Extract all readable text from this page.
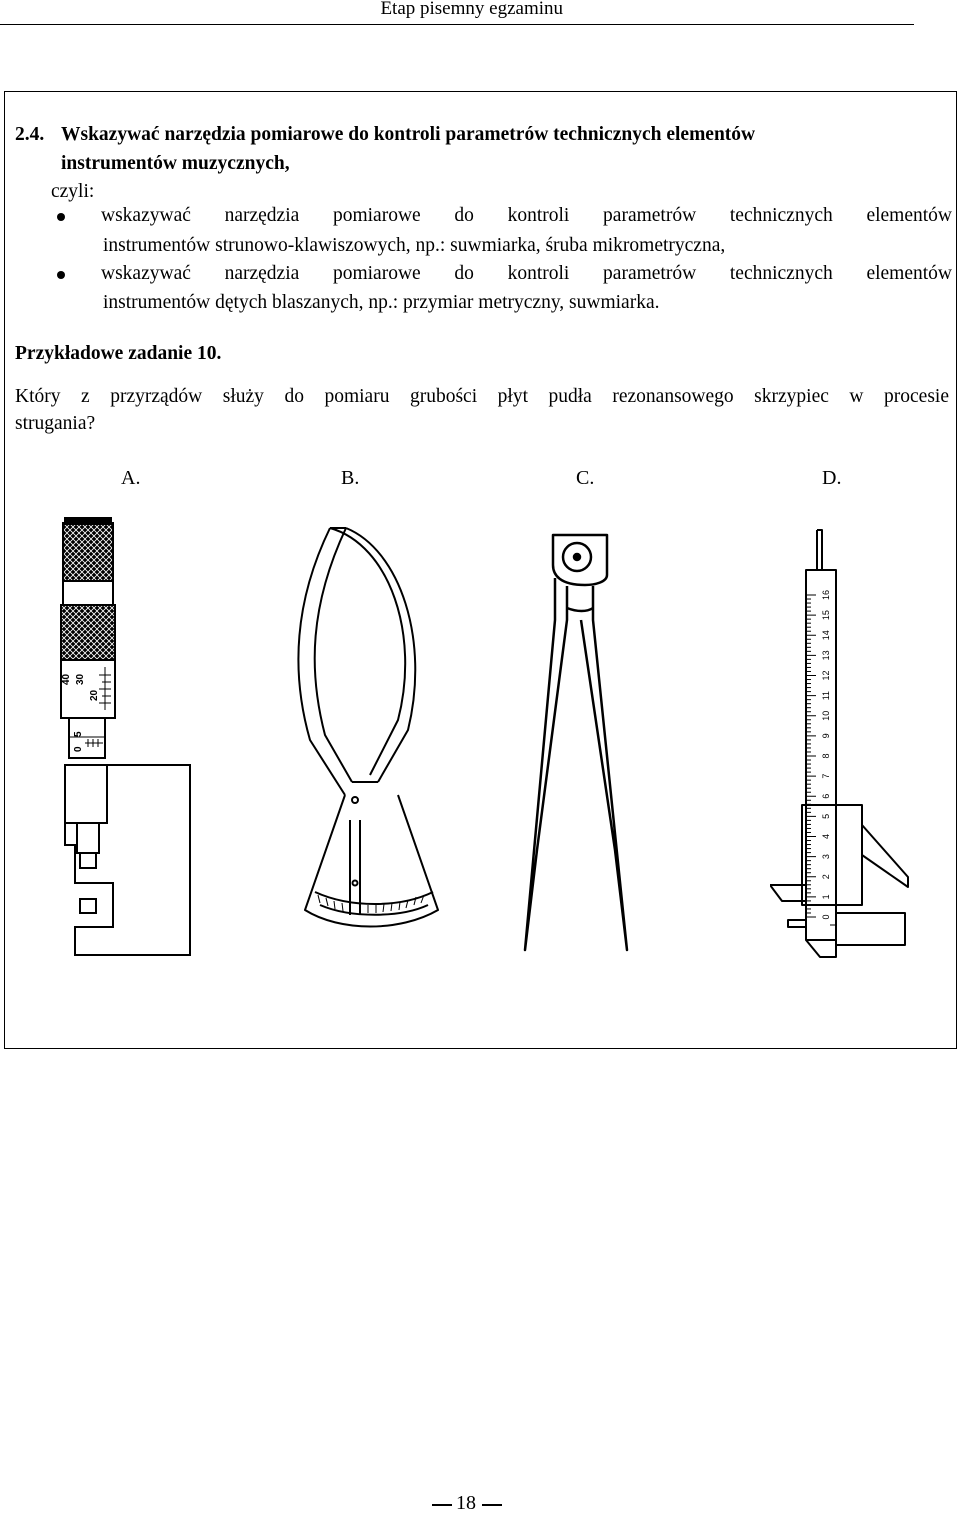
Etap pisemny egzaminu
2.4. Wskazywać narzędzia pomiarowe do kontroli parametrów technicznych elementów
instrumentów muzycznych,
czyli:
wskazywać narzędzia pomiarowe do kontroli parametrów technicznych elementów
instrumentów strunowo-klawiszowych, np.: suwmiarka, śruba mikrometryczna,
wskazywać narzędzia pomiarowe do kontroli parametrów technicznych elementów
instrumentów dętych blaszanych, np.: przymiar metryczny, suwmiarka.
Przykładowe zadanie 10.
Który z przyrządów służy do pomiaru grubości płyt pudła rezonansowego skrzypiec w procesie
strugania?
A.	B.	C.	D.
40 30
20
0
5
0
1
2
3
4
5
6
7
8
9
10
11
12
13
14
15
16
18
